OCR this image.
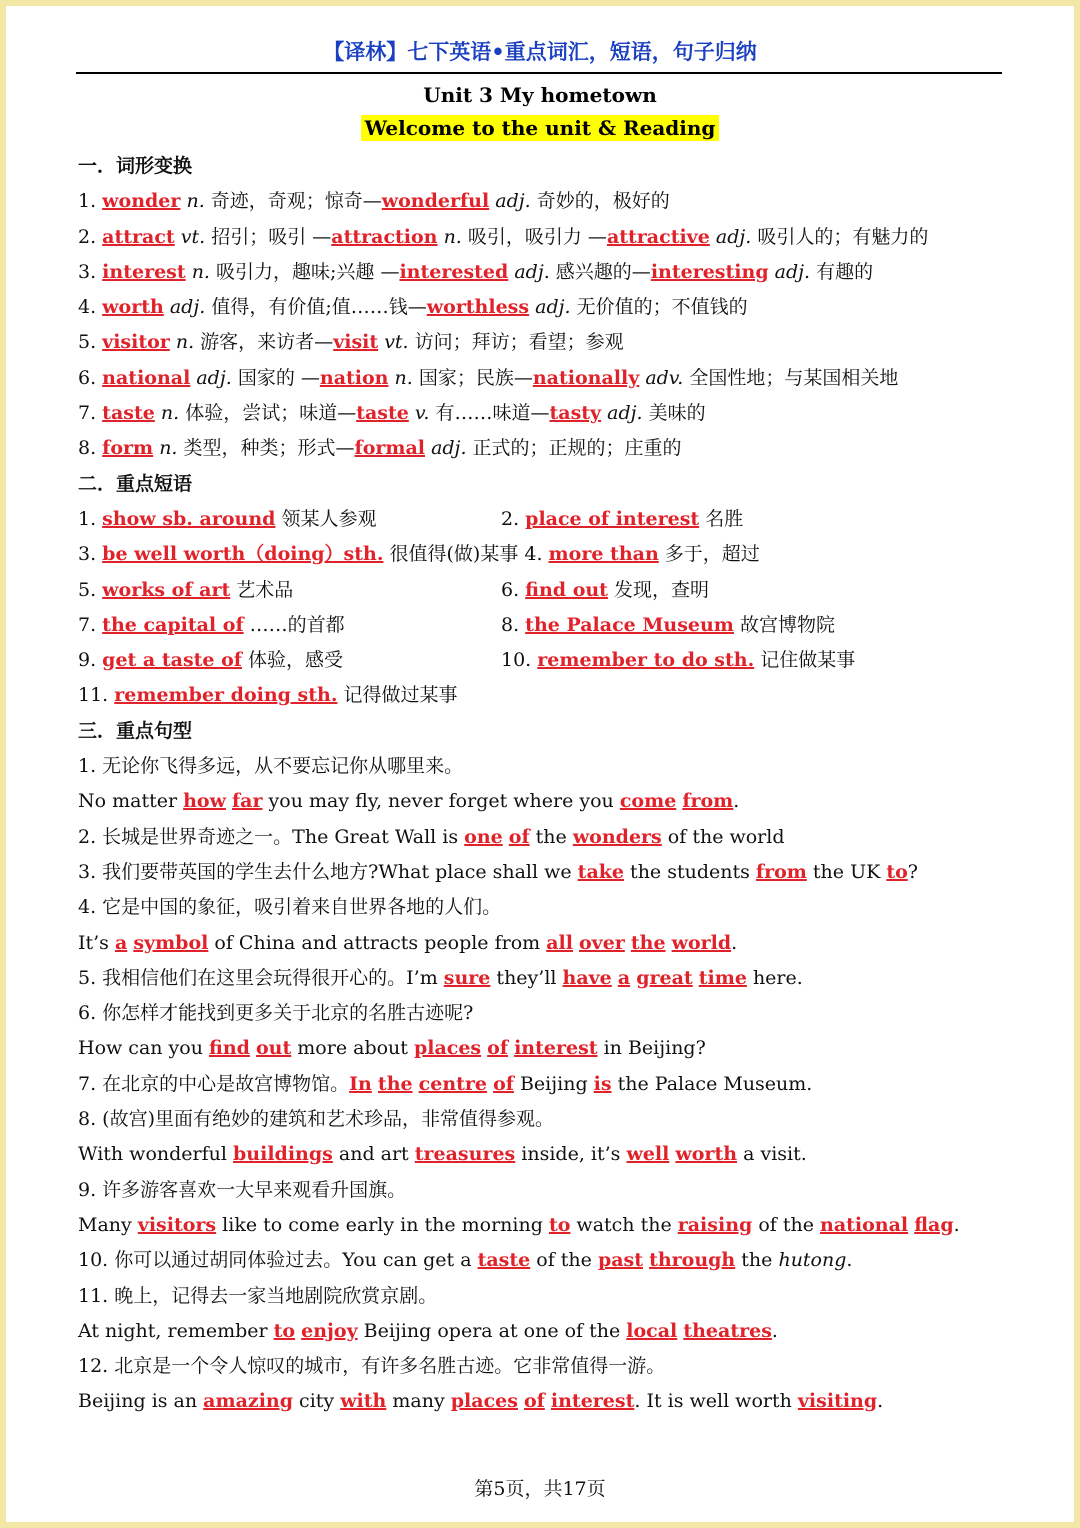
【译林】七下英语•重点词汇，短语，句子归纳
Unit 3 My hometown
Welcome to the unit & Reading
一．词形变换
1. wonder n. 奇迹，奇观；惊奇—wonderful adj. 奇妙的，极好的
2. attract vt. 招引；吸引 —attraction n. 吸引，吸引力 —attractive adj. 吸引人的；有魅力的
3. interest n. 吸引力，趣味;兴趣 —interested adj. 感兴趣的—interesting adj. 有趣的
4. worth adj. 值得，有价值;值……钱—worthless adj. 无价值的；不值钱的
5. visitor n. 游客，来访者—visit vt. 访问；拜访；看望；参观
6. national adj. 国家的 —nation n. 国家；民族—nationally adv. 全国性地；与某国相关地
7. taste n. 体验，尝试；味道—taste v. 有……味道—tasty adj. 美味的
8. form n. 类型，种类；形式—formal adj. 正式的；正规的；庄重的
二．重点短语
1. show sb. around 领某人参观	2. place of interest 名胜
3. be well worth（doing）sth. 很值得(做)某事 4. more than 多于，超过
5. works of art 艺术品	6. find out 发现，查明
7. the capital of ……的首都	8. the Palace Museum 故宫博物院
9. get a taste of 体验，感受	10. remember to do sth. 记住做某事
11. remember doing sth. 记得做过某事
三．重点句型
1. 无论你飞得多远，从不要忘记你从哪里来。
No matter how far you may fly, never forget where you come from.
2. 长城是世界奇迹之一。The Great Wall is one of the wonders of the world
3. 我们要带英国的学生去什么地方?What place shall we take the students from the UK to?
4. 它是中国的象征，吸引着来自世界各地的人们。
It’s a symbol of China and attracts people from all over the world.
5. 我相信他们在这里会玩得很开心的。I’m sure they’ll have a great time here.
6. 你怎样才能找到更多关于北京的名胜古迹呢?
How can you find out more about places of interest in Beijing?
7. 在北京的中心是故宫博物馆。In the centre of Beijing is the Palace Museum.
8. (故宫)里面有绝妙的建筑和艺术珍品，非常值得参观。
With wonderful buildings and art treasures inside, it’s well worth a visit.
9. 许多游客喜欢一大早来观看升国旗。
Many visitors like to come early in the morning to watch the raising of the national flag.
10. 你可以通过胡同体验过去。You can get a taste of the past through the hutong.
11. 晚上，记得去一家当地剧院欣赏京剧。
At night, remember to enjoy Beijing opera at one of the local theatres.
12. 北京是一个令人惊叹的城市，有许多名胜古迹。它非常值得一游。
Beijing is an amazing city with many places of interest. It is well worth visiting.
第5页，共17页
